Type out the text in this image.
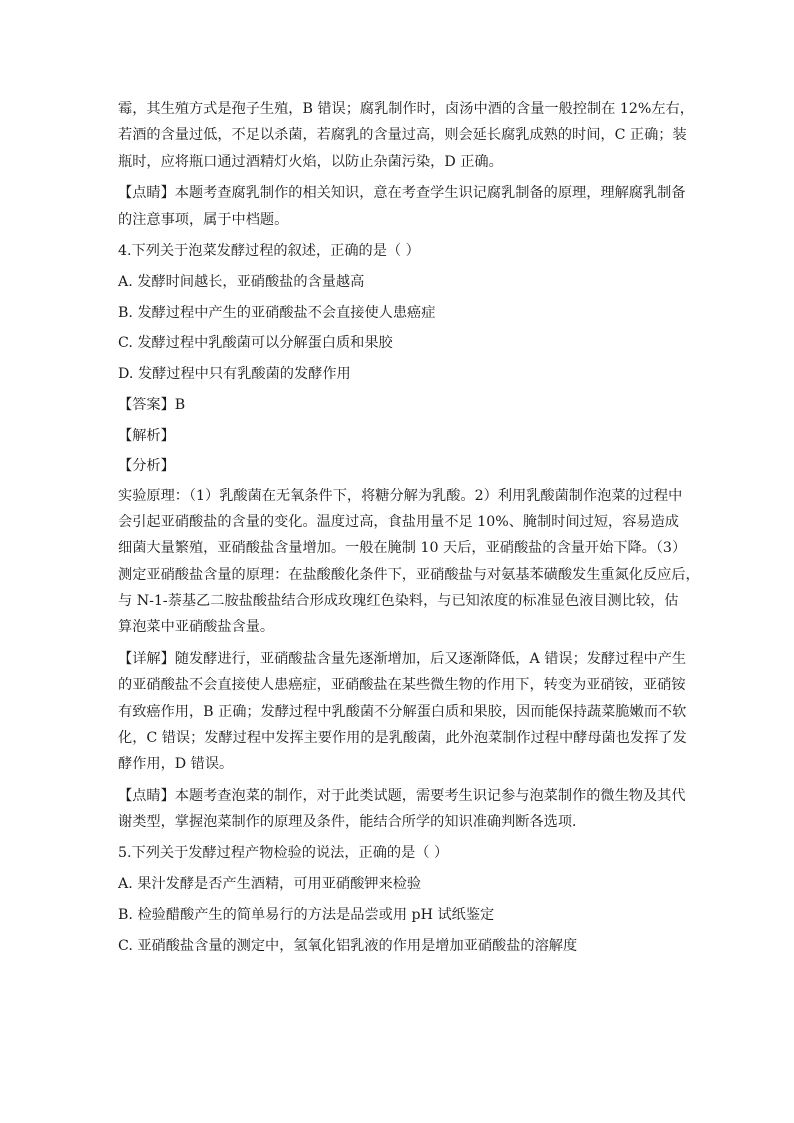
霉，其生殖方式是孢子生殖，B 错误；腐乳制作时，卤汤中酒的含量一般控制在 12%左右，

若酒的含量过低，不足以杀菌，若腐乳的含量过高，则会延长腐乳成熟的时间，C 正确；装

瓶时，应将瓶口通过酒精灯火焰，以防止杂菌污染，D 正确。

【点睛】本题考查腐乳制作的相关知识，意在考查学生识记腐乳制备的原理，理解腐乳制备

的注意事项，属于中档题。

4.下列关于泡菜发酵过程的叙述，正确的是（ ）

A. 发酵时间越长，亚硝酸盐的含量越高

B. 发酵过程中产生的亚硝酸盐不会直接使人患癌症

C. 发酵过程中乳酸菌可以分解蛋白质和果胶

D. 发酵过程中只有乳酸菌的发酵作用

【答案】B

【解析】

【分析】

实验原理：（1）乳酸菌在无氧条件下，将糖分解为乳酸。2）利用乳酸菌制作泡菜的过程中

会引起亚硝酸盐的含量的变化。温度过高，食盐用量不足 10%、腌制时间过短，容易造成

细菌大量繁殖，亚硝酸盐含量增加。一般在腌制 10 天后，亚硝酸盐的含量开始下降。（3）

测定亚硝酸盐含量的原理：在盐酸酸化条件下，亚硝酸盐与对氨基苯磺酸发生重氮化反应后，

与 N-1-萘基乙二胺盐酸盐结合形成玫瑰红色染料，与已知浓度的标准显色液目测比较，估

算泡菜中亚硝酸盐含量。

【详解】随发酵进行，亚硝酸盐含量先逐渐增加，后又逐渐降低，A 错误；发酵过程中产生

的亚硝酸盐不会直接使人患癌症，亚硝酸盐在某些微生物的作用下，转变为亚硝铵，亚硝铵

有致癌作用，B 正确；发酵过程中乳酸菌不分解蛋白质和果胶，因而能保持蔬菜脆嫩而不软

化，C 错误；发酵过程中发挥主要作用的是乳酸菌，此外泡菜制作过程中酵母菌也发挥了发

酵作用，D 错误。

【点睛】本题考查泡菜的制作，对于此类试题，需要考生识记参与泡菜制作的微生物及其代

谢类型，掌握泡菜制作的原理及条件，能结合所学的知识准确判断各选项．

5.下列关于发酵过程产物检验的说法，正确的是（ ）

A. 果汁发酵是否产生酒精，可用亚硝酸钾来检验

B. 检验醋酸产生的简单易行的方法是品尝或用 pH 试纸鉴定

C. 亚硝酸盐含量的测定中，氢氧化铝乳液的作用是增加亚硝酸盐的溶解度
